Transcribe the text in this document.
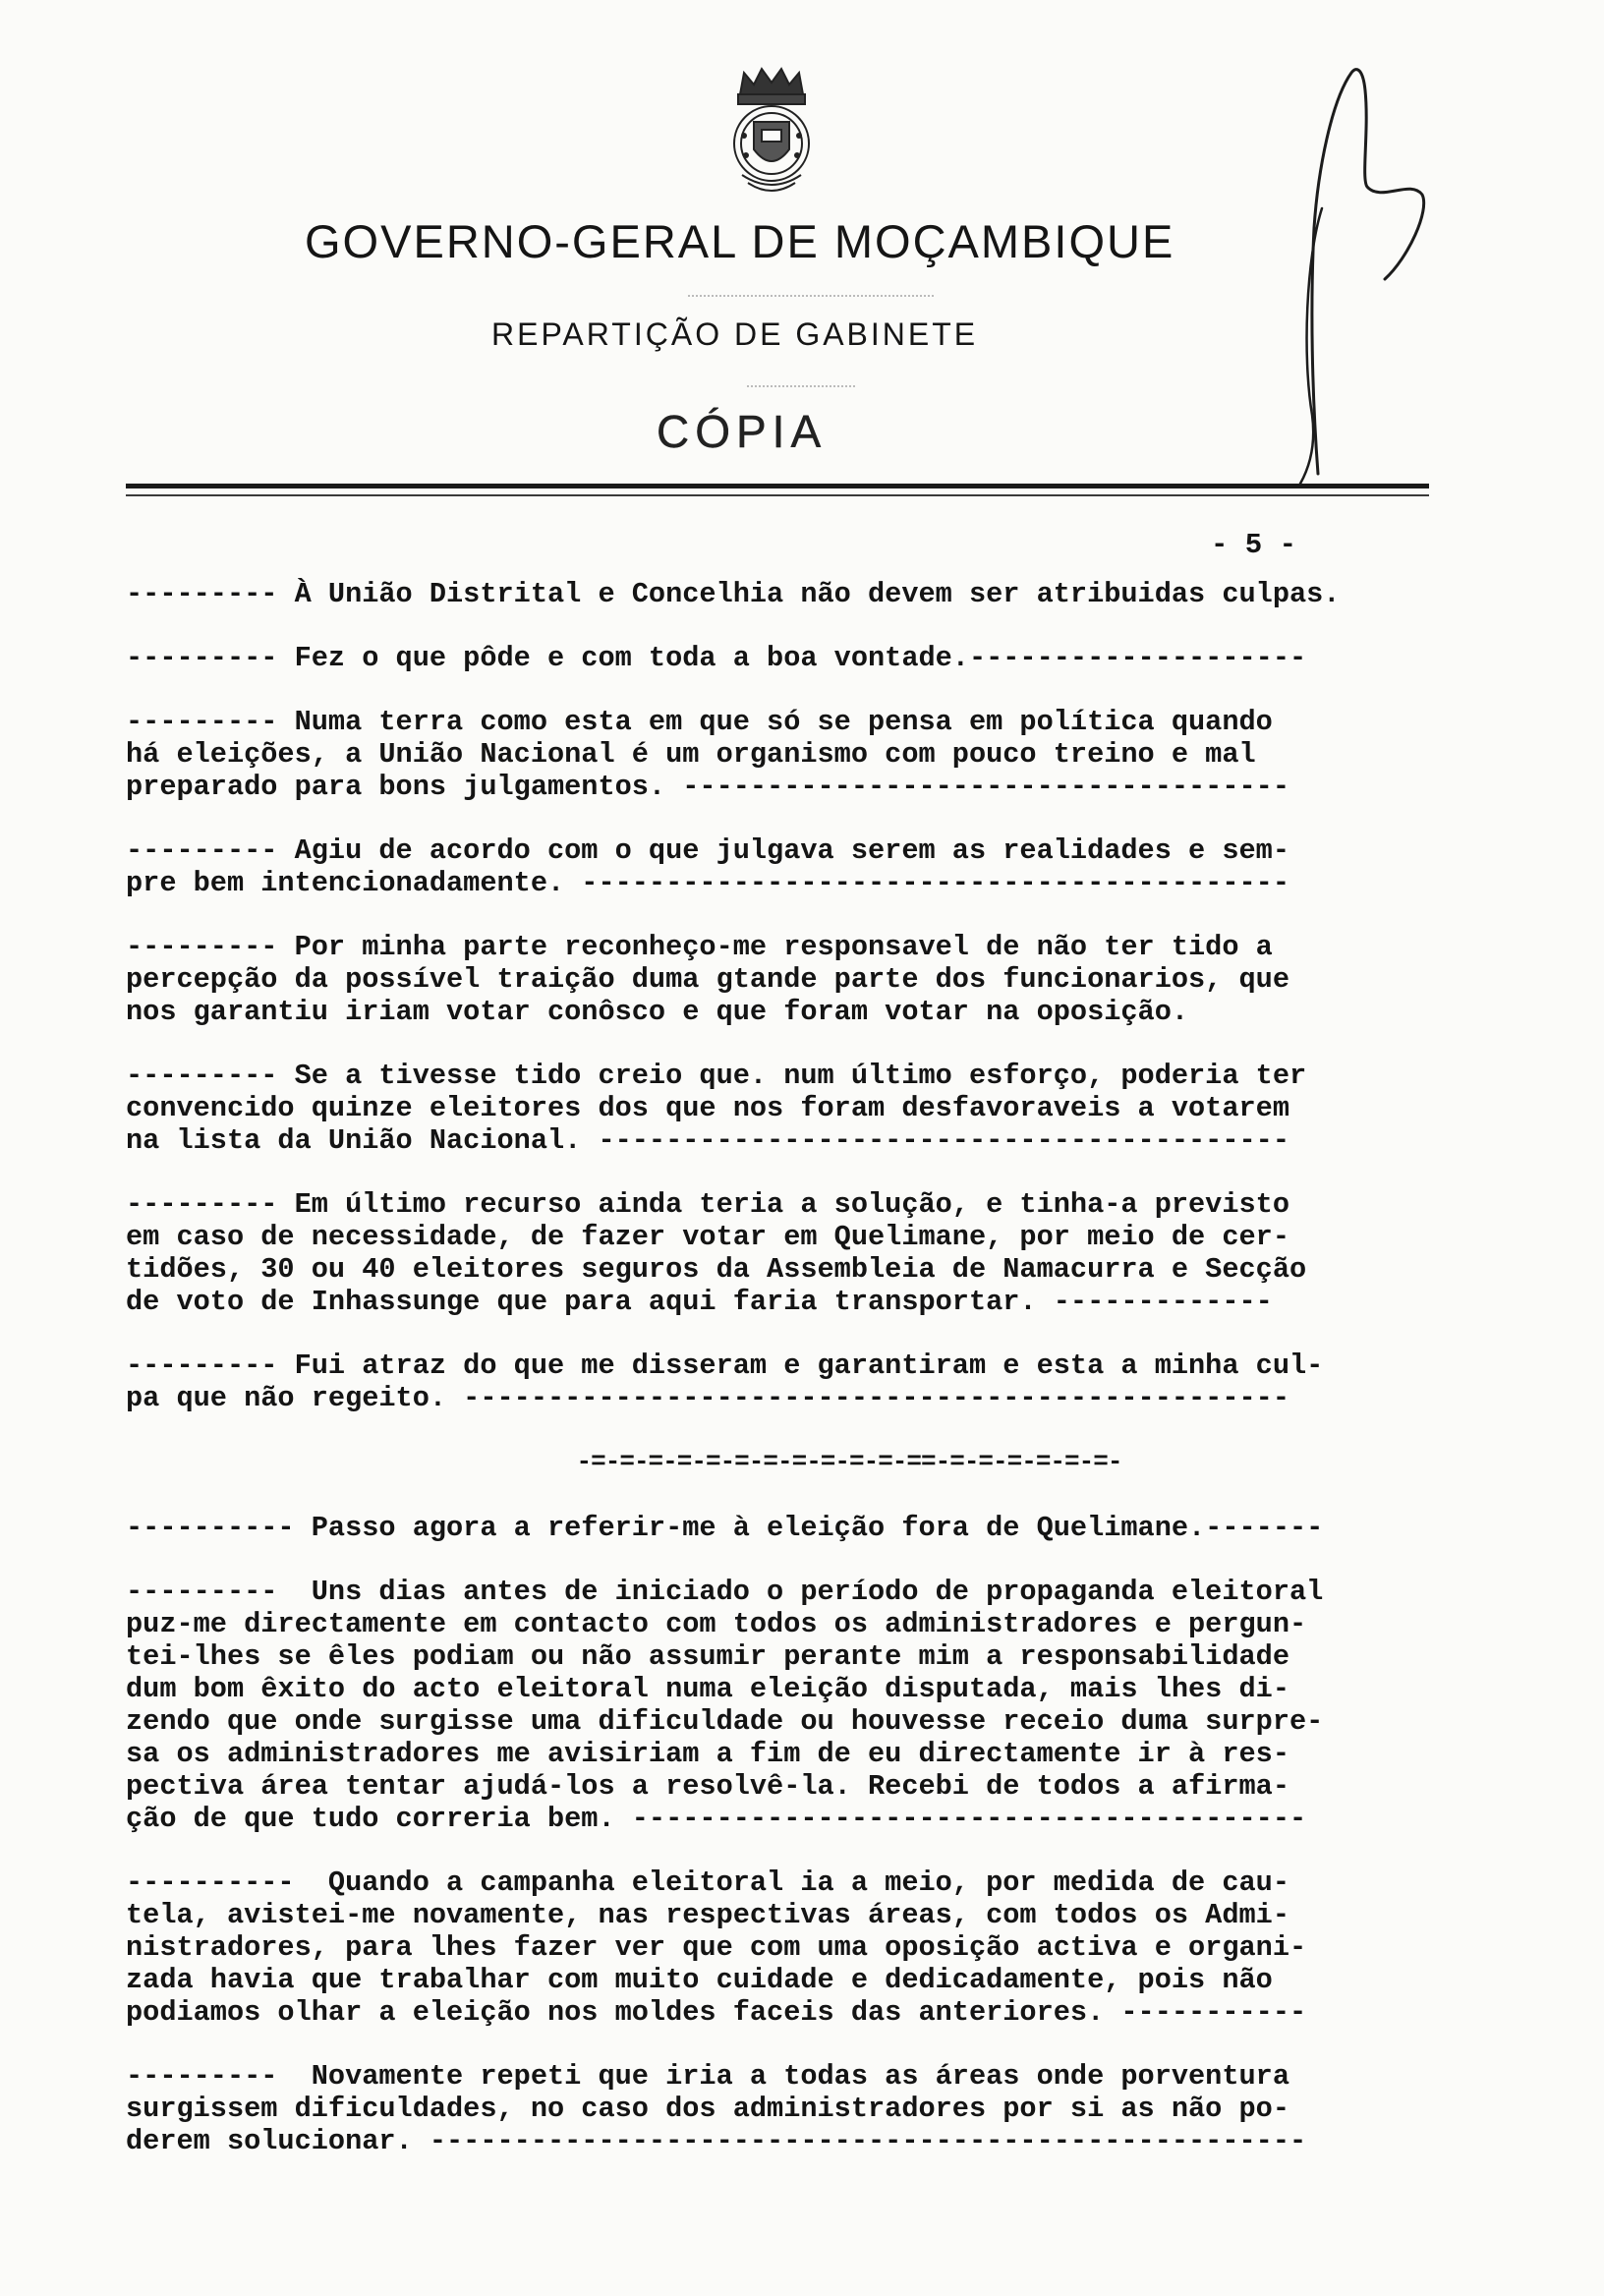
GOVERNO-GERAL DE MOÇAMBIQUE
REPARTIÇÃO DE GABINETE
CÓPIA
- 5 -

--------- À União Distrital e Concelhia não devem ser atribuidas culpas.

--------- Fez o que pôde e com toda a boa vontade.--------------------

--------- Numa terra como esta em que só se pensa em política quando

há eleições, a União Nacional é um organismo com pouco treino e mal

preparado para bons julgamentos. ------------------------------------

--------- Agiu de acordo com o que julgava serem as realidades e sem-

pre bem intencionadamente. ------------------------------------------

--------- Por minha parte reconheço-me responsavel de não ter tido a

percepção da possível traição duma gtande parte dos funcionarios, que

nos garantiu iriam votar conôsco e que foram votar na oposição.

--------- Se a tivesse tido creio que. num último esforço, poderia ter

convencido quinze eleitores dos que nos foram desfavoraveis a votarem

na lista da União Nacional. -----------------------------------------

--------- Em último recurso ainda teria a solução, e tinha-a previsto

em caso de necessidade, de fazer votar em Quelimane, por meio de cer-

tidões, 30 ou 40 eleitores seguros da Assembleia de Namacurra e Secção

de voto de Inhassunge que para aqui faria transportar. -------------

--------- Fui atraz do que me disseram e garantiram e esta a minha cul-

pa que não regeito. -------------------------------------------------

-=-=-=-=-=-=-=-=-=-=-=-==-=-=-=-=-=-=-

---------- Passo agora a referir-me à eleição fora de Quelimane.-------

---------  Uns dias antes de iniciado o período de propaganda eleitoral

puz-me directamente em contacto com todos os administradores e pergun-

tei-lhes se êles podiam ou não assumir perante mim a responsabilidade

dum bom êxito do acto eleitoral numa eleição disputada, mais lhes di-

zendo que onde surgisse uma dificuldade ou houvesse receio duma surpre-

sa os administradores me avisiriam a fim de eu directamente ir à res-

pectiva área tentar ajudá-los a resolvê-la. Recebi de todos a afirma-

ção de que tudo correria bem. ----------------------------------------

----------  Quando a campanha eleitoral ia a meio, por medida de cau-

tela, avistei-me novamente, nas respectivas áreas, com todos os Admi-

nistradores, para lhes fazer ver que com uma oposição activa e organi-

zada havia que trabalhar com muito cuidade e dedicadamente, pois não

podiamos olhar a eleição nos moldes faceis das anteriores. -----------

---------  Novamente repeti que iria a todas as áreas onde porventura

surgissem dificuldades, no caso dos administradores por si as não po-

derem solucionar. ----------------------------------------------------
